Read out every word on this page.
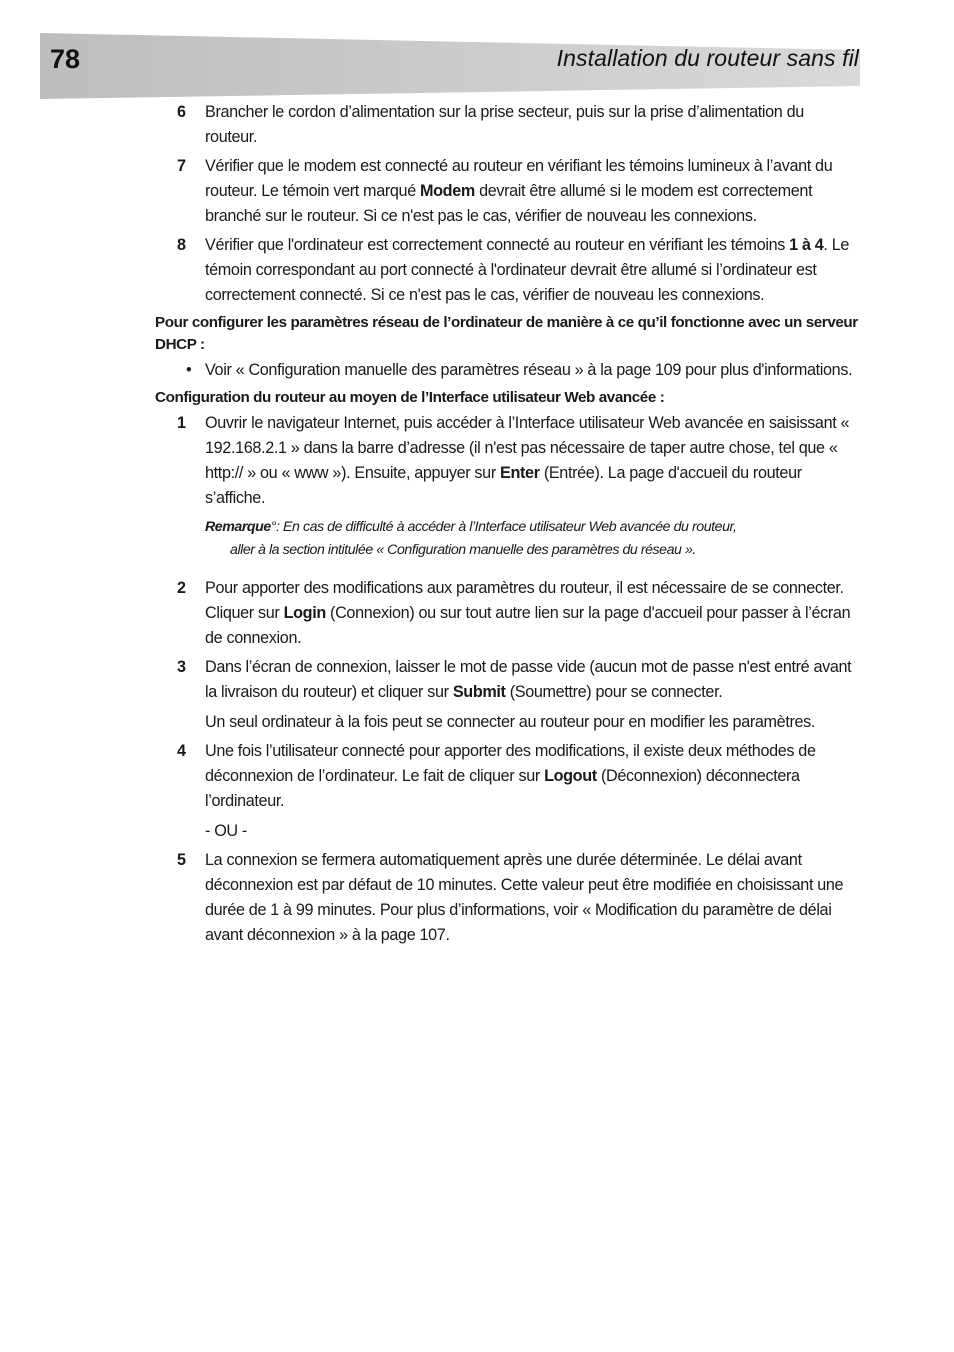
78	Installation du routeur sans fil
6 Brancher le cordon d’alimentation sur la prise secteur, puis sur la prise d’alimentation du routeur.

7 Vérifier que le modem est connecté au routeur en vérifiant les témoins lumineux à l’avant du routeur. Le témoin vert marqué Modem devrait être allumé si le modem est correctement branché sur le routeur. Si ce n'est pas le cas, vérifier de nouveau les connexions.

8 Vérifier que l'ordinateur est correctement connecté au routeur en vérifiant les témoins 1 à 4. Le témoin correspondant au port connecté à l'ordinateur devrait être allumé si l’ordinateur est correctement connecté. Si ce n'est pas le cas, vérifier de nouveau les connexions.

Pour configurer les paramètres réseau de l’ordinateur de manière à ce qu’il fonctionne avec un serveur DHCP :
• Voir « Configuration manuelle des paramètres réseau » à la page 109 pour plus d'informations.

Configuration du routeur au moyen de l’Interface utilisateur Web avancée :
1 Ouvrir le navigateur Internet, puis accéder à l’Interface utilisateur Web avancée en saisissant « 192.168.2.1 » dans la barre d’adresse (il n'est pas nécessaire de taper autre chose, tel que « http:// » ou « www »). Ensuite, appuyer sur Enter (Entrée). La page d'accueil du routeur s’affiche.

Remarque°: En cas de difficulté à accéder à l’Interface utilisateur Web avancée du routeur,
aller à la section intitulée « Configuration manuelle des paramètres du réseau ».
2 Pour apporter des modifications aux paramètres du routeur, il est nécessaire de se connecter. Cliquer sur Login (Connexion) ou sur tout autre lien sur la page d'accueil pour passer à l’écran de connexion.

3 Dans l’écran de connexion, laisser le mot de passe vide (aucun mot de passe n'est entré avant la livraison du routeur) et cliquer sur Submit (Soumettre) pour se connecter.

Un seul ordinateur à la fois peut se connecter au routeur pour en modifier les paramètres.

4 Une fois l’utilisateur connecté pour apporter des modifications, il existe deux méthodes de déconnexion de l’ordinateur. Le fait de cliquer sur Logout (Déconnexion) déconnectera l’ordinateur.

- OU -

5 La connexion se fermera automatiquement après une durée déterminée. Le délai avant déconnexion est par défaut de 10 minutes. Cette valeur peut être modifiée en choisissant une durée de 1 à 99 minutes. Pour plus d’informations, voir « Modification du paramètre de délai avant déconnexion » à la page 107.
